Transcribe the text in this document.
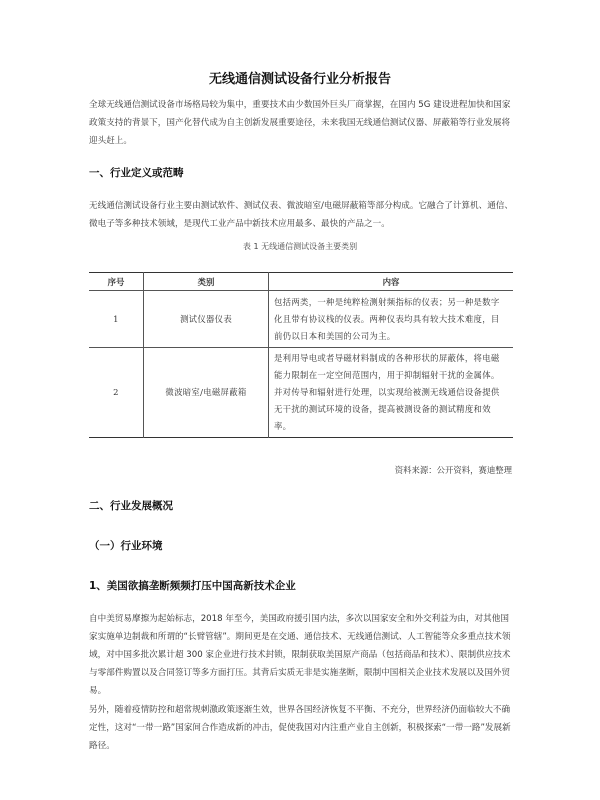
无线通信测试设备行业分析报告
全球无线通信测试设备市场格局较为集中，重要技术由少数国外巨头厂商掌握，在国内 5G 建设进程加快和国家政策支持的背景下，国产化替代成为自主创新发展重要途径，未来我国无线通信测试仪器、屏蔽箱等行业发展将迎头赶上。
一、行业定义或范畴
无线通信测试设备行业主要由测试软件、测试仪表、微波暗室/电磁屏蔽箱等部分构成。它融合了计算机、通信、微电子等多种技术领域，是现代工业产品中新技术应用最多、最快的产品之一。
表 1 无线通信测试设备主要类别
序号	类别	内容
1	测试仪器仪表	包括两类，一种是纯粹检测射频指标的仪表；另一种是数字化且带有协议栈的仪表。两种仪表均具有较大技术难度，目前仍以日本和美国的公司为主。
2	微波暗室/电磁屏蔽箱	是利用导电或者导磁材料制成的各种形状的屏蔽体，将电磁能力限制在一定空间范围内，用于抑制辐射干扰的金属体。并对传导和辐射进行处理，以实现给被测无线通信设备提供无干扰的测试环境的设备，提高被测设备的测试精度和效率。
资料来源：公开资料，赛迪整理
二、行业发展概况
（一）行业环境
1、美国欲搞垄断频频打压中国高新技术企业
自中美贸易摩擦为起始标志，2018 年至今，美国政府援引国内法，多次以国家安全和外交利益为由，对其他国家实施单边制裁和所谓的“长臂管辖”。期间更是在交通、通信技术、无线通信测试、人工智能等众多重点技术领域，对中国多批次累计超 300 家企业进行技术封锁，限制获取美国原产商品（包括商品和技术）、限制供应技术与零部件购置以及合同签订等多方面打压。其背后实质无非是实施垄断，限制中国相关企业技术发展以及国外贸易。
另外，随着疫情防控和超常规刺激政策逐渐生效，世界各国经济恢复不平衡、不充分，世界经济仍面临较大不确定性，这对“一带一路”国家间合作造成新的冲击，促使我国对内注重产业自主创新，积极探索“一带一路”发展新路径。
